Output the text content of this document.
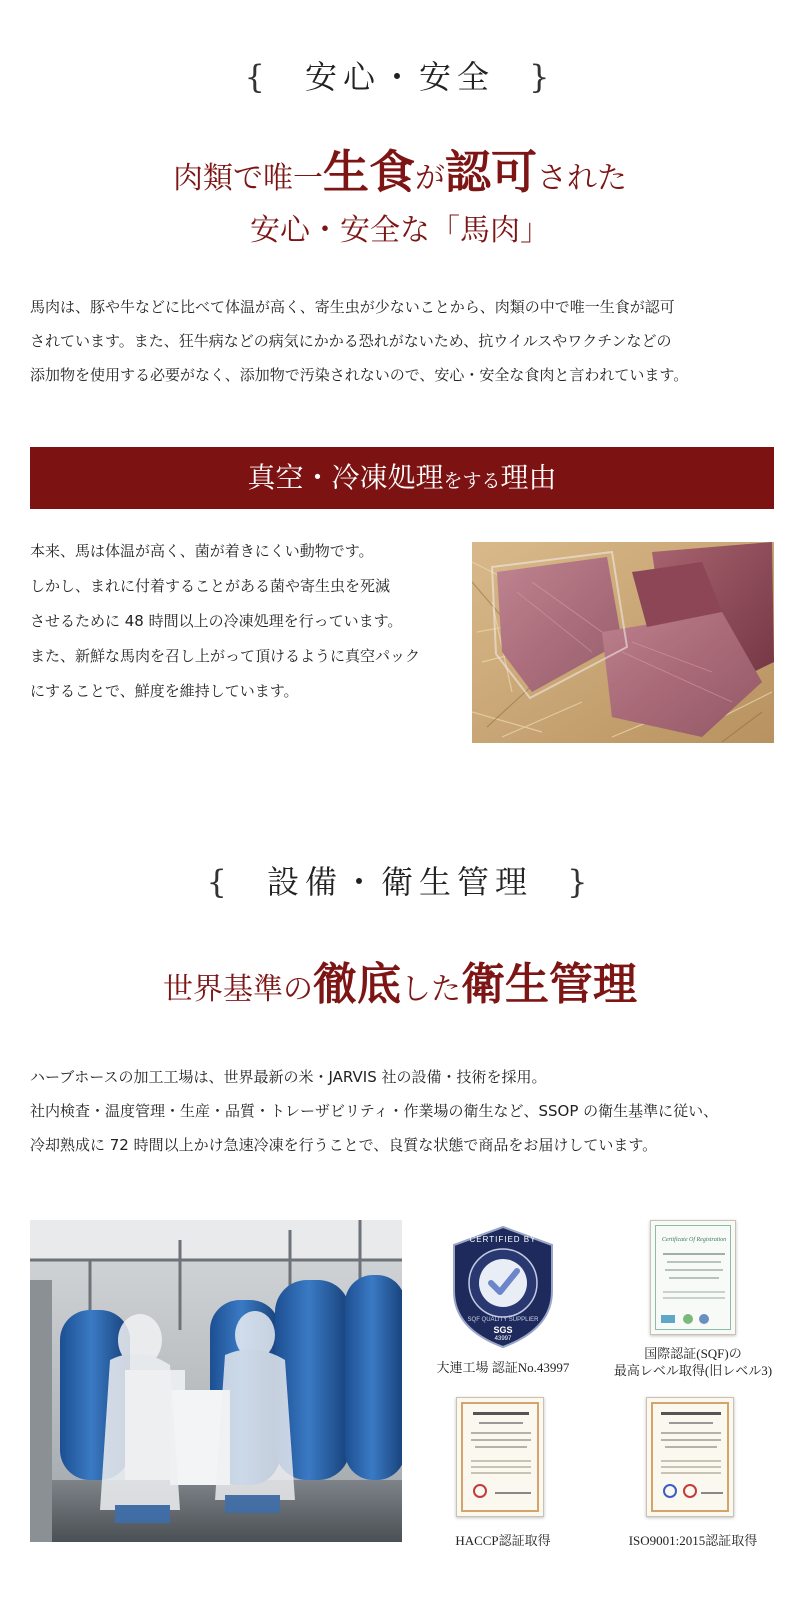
{ 安心・安全 }
肉類で唯一生食が認可された
安心・安全な「馬肉」
馬肉は、豚や牛などに比べて体温が高く、寄生虫が少ないことから、肉類の中で唯一生食が認可
されています。また、狂牛病などの病気にかかる恐れがないため、抗ウイルスやワクチンなどの
添加物を使用する必要がなく、添加物で汚染されないので、安心・安全な食肉と言われています。
真空・冷凍処理をする理由
本来、馬は体温が高く、菌が着きにくい動物です。
しかし、まれに付着することがある菌や寄生虫を死滅
させるために 48 時間以上の冷凍処理を行っています。
また、新鮮な馬肉を召し上がって頂けるように真空パック
にすることで、鮮度を維持しています。
{ 設備・衛生管理 }
世界基準の徹底した衛生管理
ハーブホースの加工工場は、世界最新の米・JARVIS 社の設備・技術を採用。
社内検査・温度管理・生産・品質・トレーザビリティ・作業場の衛生など、SSOP の衛生基準に従い、
冷却熟成に 72 時間以上かけ急速冷凍を行うことで、良質な状態で商品をお届けしています。
CERTIFIED BY
SQF QUALITY SUPPLIER
SGS
43997
大連工場 認証No.43997
Certificate Of Registration
国際認証(SQF)の
最高レベル取得(旧レベル3)
HACCP認証取得	ISO9001:2015認証取得
